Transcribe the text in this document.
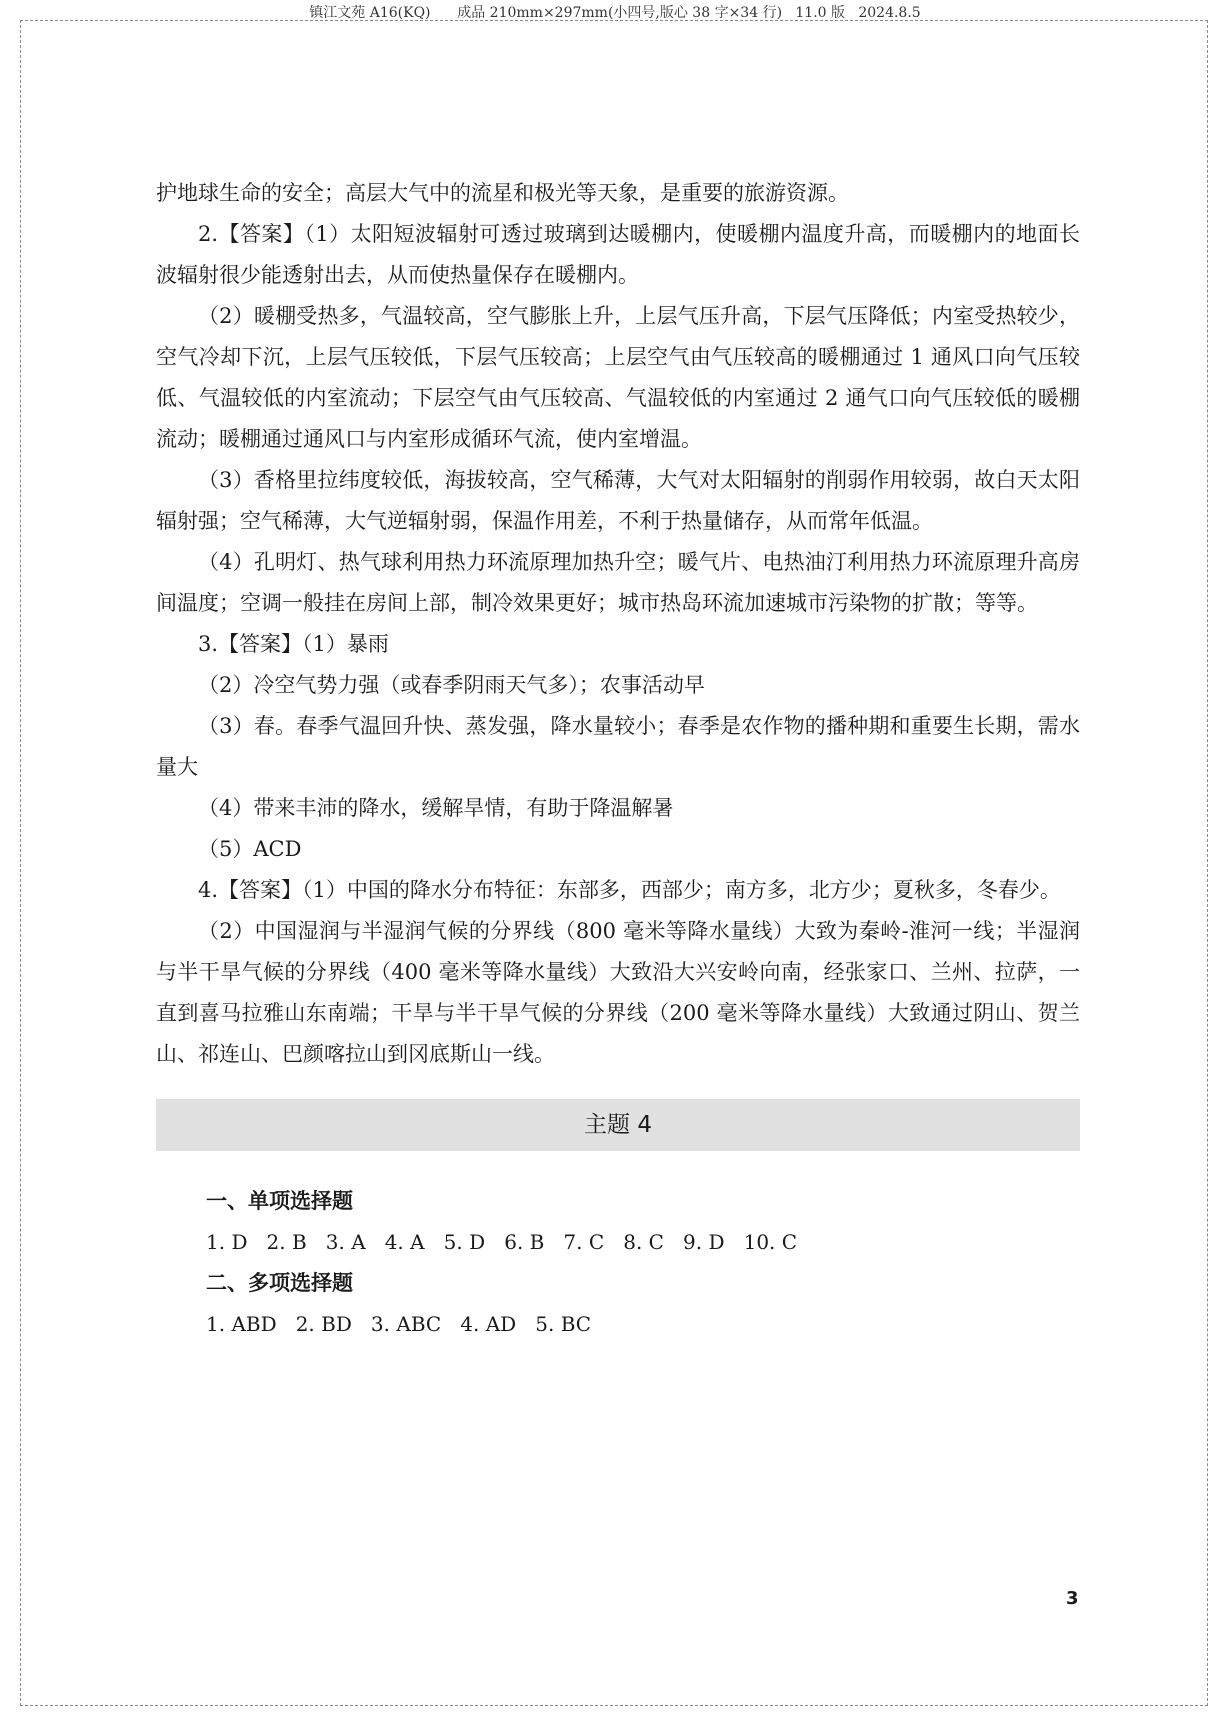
镇江文苑 A16(KQ)      成品 210mm×297mm(小四号,版心 38 字×34 行)   11.0 版   2024.8.5

护地球生命的安全；高层大气中的流星和极光等天象，是重要的旅游资源。

2.【答案】（1）太阳短波辐射可透过玻璃到达暖棚内，使暖棚内温度升高，而暖棚内的地面长波辐射很少能透射出去，从而使热量保存在暖棚内。

（2）暖棚受热多，气温较高，空气膨胀上升，上层气压升高，下层气压降低；内室受热较少，空气冷却下沉，上层气压较低，下层气压较高；上层空气由气压较高的暖棚通过 1 通风口向气压较低、气温较低的内室流动；下层空气由气压较高、气温较低的内室通过 2 通气口向气压较低的暖棚流动；暖棚通过通风口与内室形成循环气流，使内室增温。

（3）香格里拉纬度较低，海拔较高，空气稀薄，大气对太阳辐射的削弱作用较弱，故白天太阳辐射强；空气稀薄，大气逆辐射弱，保温作用差，不利于热量储存，从而常年低温。

（4）孔明灯、热气球利用热力环流原理加热升空；暖气片、电热油汀利用热力环流原理升高房间温度；空调一般挂在房间上部，制冷效果更好；城市热岛环流加速城市污染物的扩散；等等。

3.【答案】（1）暴雨

（2）冷空气势力强（或春季阴雨天气多）；农事活动早

（3）春。春季气温回升快、蒸发强，降水量较小；春季是农作物的播种期和重要生长期，需水量大

（4）带来丰沛的降水，缓解旱情，有助于降温解暑

（5）ACD

4.【答案】（1）中国的降水分布特征：东部多，西部少；南方多，北方少；夏秋多，冬春少。

（2）中国湿润与半湿润气候的分界线（800 毫米等降水量线）大致为秦岭-淮河一线；半湿润与半干旱气候的分界线（400 毫米等降水量线）大致沿大兴安岭向南，经张家口、兰州、拉萨，一直到喜马拉雅山东南端；干旱与半干旱气候的分界线（200 毫米等降水量线）大致通过阴山、贺兰山、祁连山、巴颜喀拉山到冈底斯山一线。

主题 4
一、单项选择题
1. D   2. B   3. A   4. A   5. D   6. B   7. C   8. C   9. D   10. C
二、多项选择题
1. ABD   2. BD   3. ABC   4. AD   5. BC
3
